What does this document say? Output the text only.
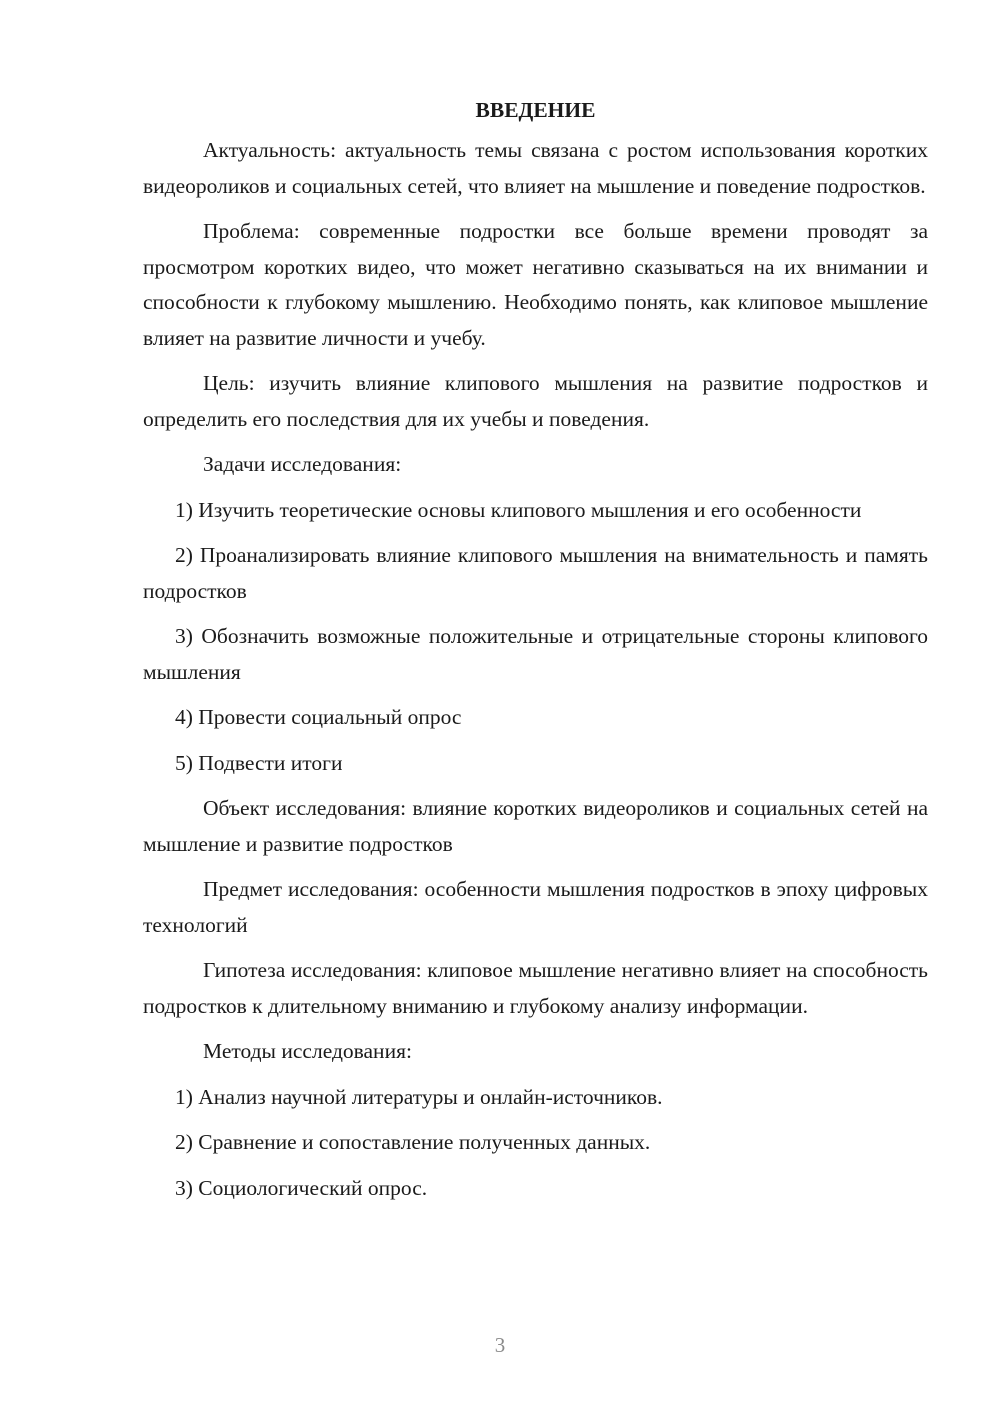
ВВЕДЕНИЕ

Актуальность: актуальность темы связана с ростом использования коротких видеороликов и социальных сетей, что влияет на мышление и поведение подростков.

Проблема: современные подростки все больше времени проводят за просмотром коротких видео, что может негативно сказываться на их внимании и способности к глубокому мышлению. Необходимо понять, как клиповое мышление влияет на развитие личности и учебу.

Цель: изучить влияние клипового мышления на развитие подростков и определить его последствия для их учебы и поведения.

Задачи исследования:

1) Изучить теоретические основы клипового мышления и его особенности

2) Проанализировать влияние клипового мышления на внимательность и память подростков

3) Обозначить возможные положительные и отрицательные стороны клипового мышления

4) Провести социальный опрос

5) Подвести итоги

Объект исследования: влияние коротких видеороликов и социальных сетей на мышление и развитие подростков

Предмет исследования: особенности мышления подростков в эпоху цифровых технологий

Гипотеза исследования: клиповое мышление негативно влияет на способность подростков к длительному вниманию и глубокому анализу информации.

Методы исследования:

1) Анализ научной литературы и онлайн-источников.

2) Сравнение и сопоставление полученных данных.

3) Социологический опрос.

3
